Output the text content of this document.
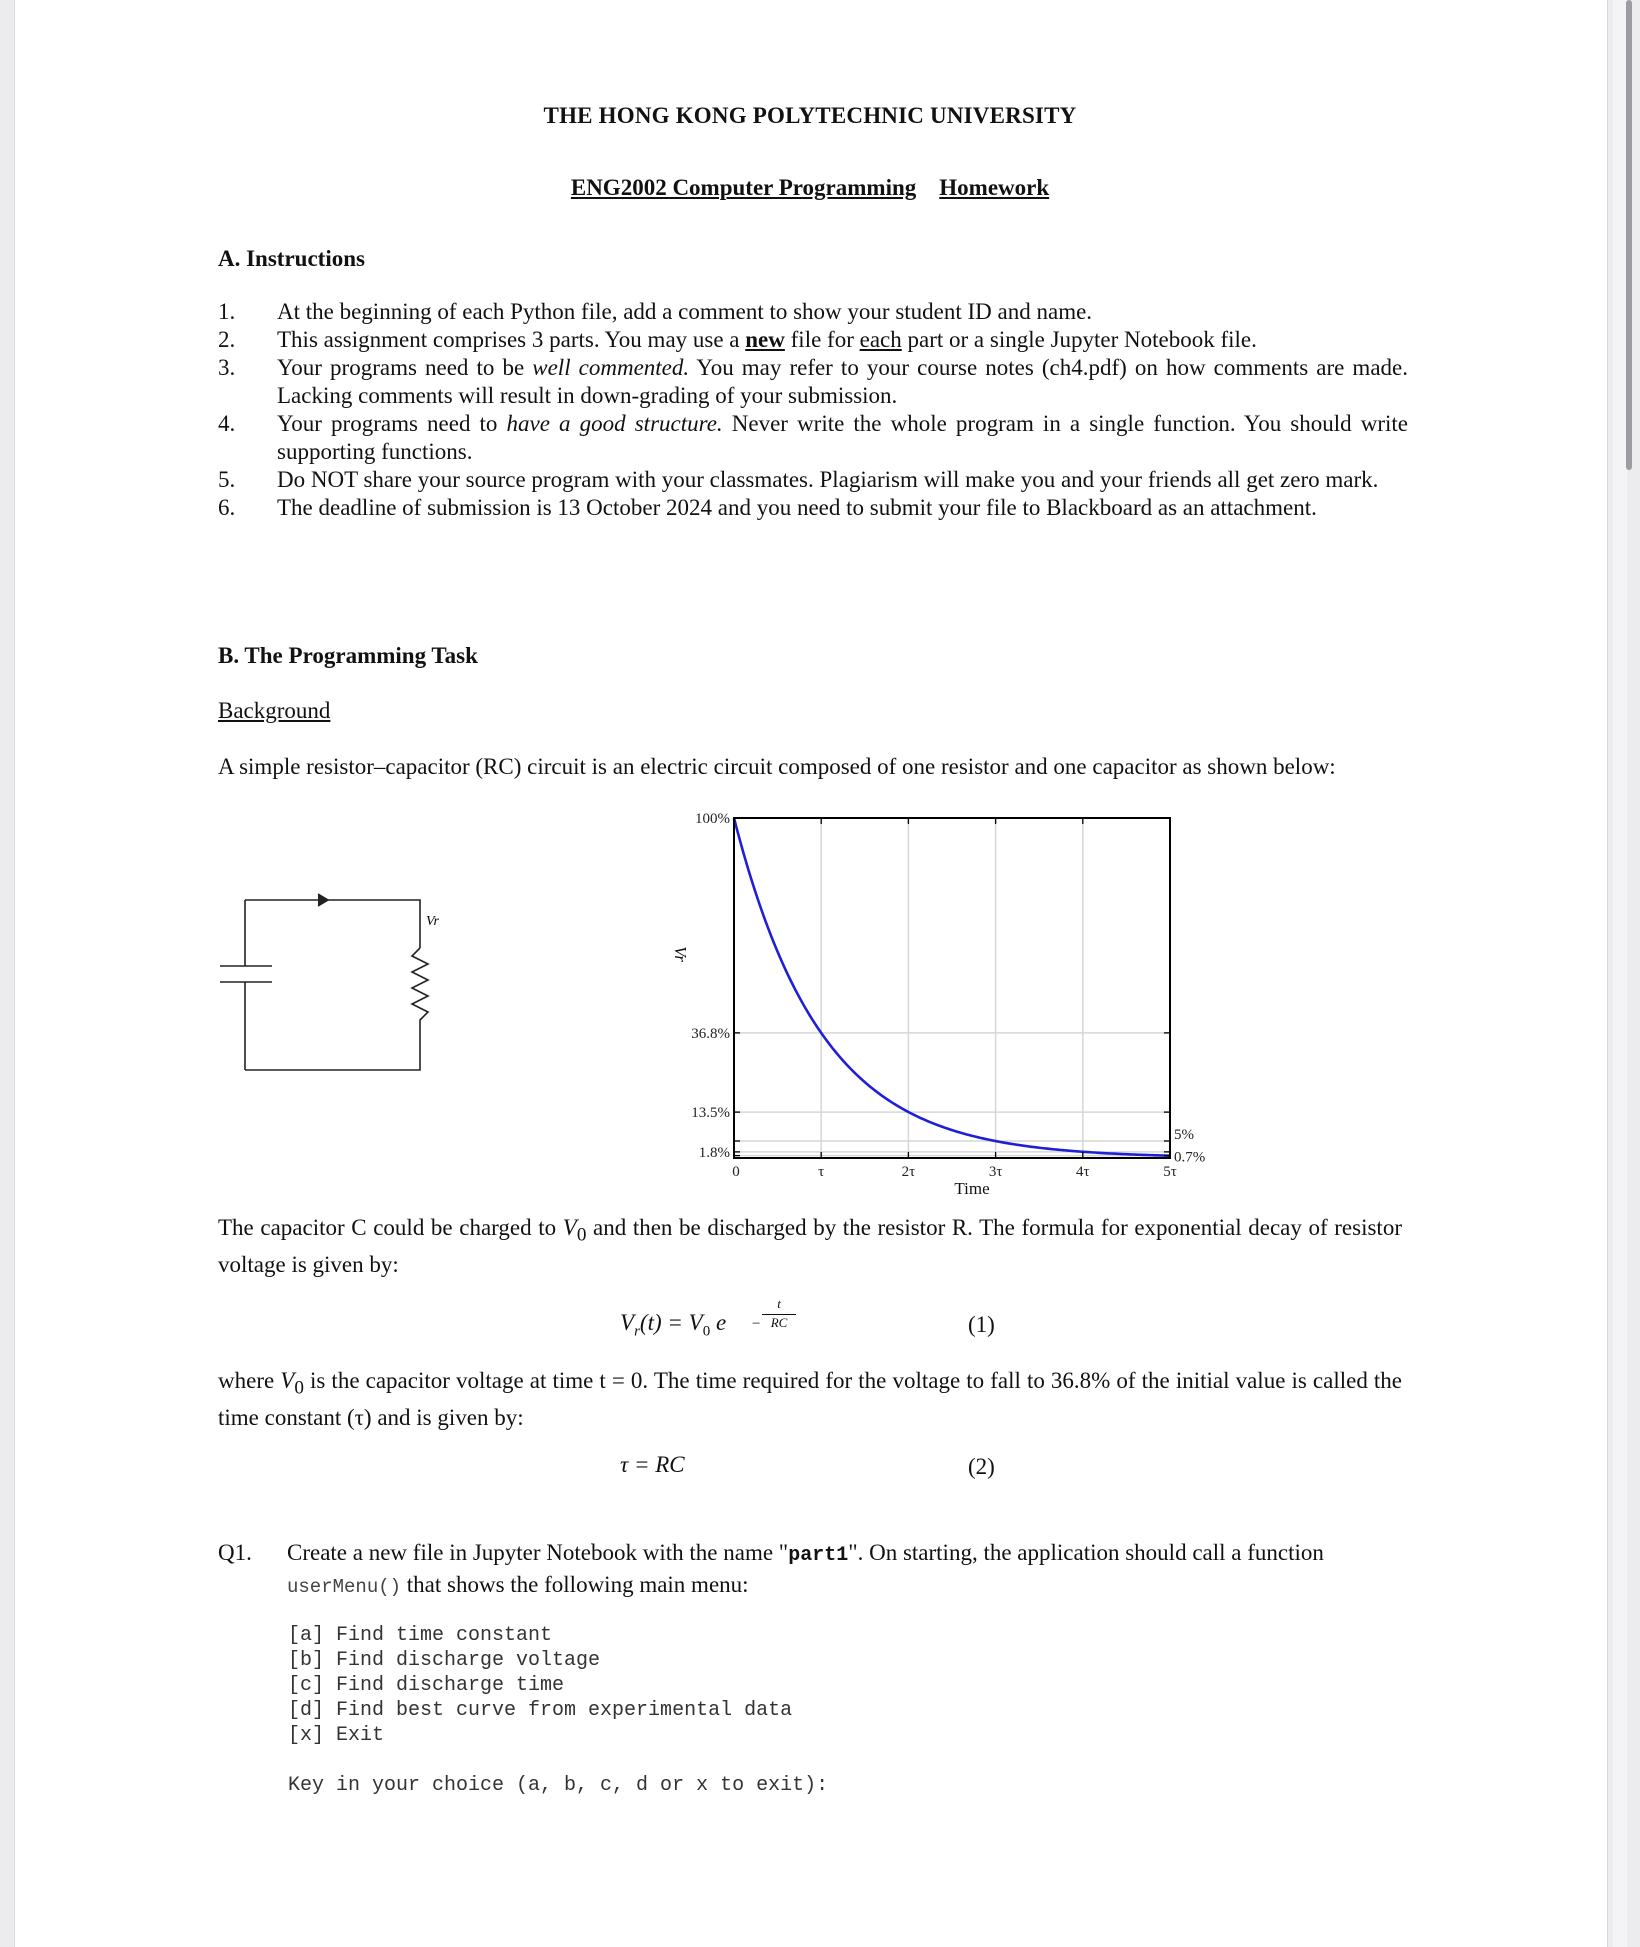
THE HONG KONG POLYTECHNIC UNIVERSITY
ENG2002 Computer Programming Homework
A. Instructions
1. At the beginning of each Python file, add a comment to show your student ID and name.
2. This assignment comprises 3 parts. You may use a new file for each part or a single Jupyter Notebook file.
3. Your programs need to be well commented. You may refer to your course notes (ch4.pdf) on how comments are made. Lacking comments will result in down-grading of your submission.
4. Your programs need to have a good structure. Never write the whole program in a single function. You should write supporting functions.
5. Do NOT share your source program with your classmates. Plagiarism will make you and your friends all get zero mark.
6. The deadline of submission is 13 October 2024 and you need to submit your file to Blackboard as an attachment.
B. The Programming Task
Background
A simple resistor–capacitor (RC) circuit is an electric circuit composed of one resistor and one capacitor as shown below:
Vr
0	τ	2τ	3τ	4τ	5τ
100%
36.8%
13.5%
1.8%
5%
0.7%
Time
Vr
The capacitor C could be charged to $V_0$ and then be discharged by the resistor R. The formula for exponential decay of resistor voltage is given by:
$V_r(t) = V_0$ e −
t
RC	(1)
where $V_0$ is the capacitor voltage at time t = 0. The time required for the voltage to fall to 36.8% of the initial value is called the time constant (τ) and is given by:
τ = RC	(2)
Q1. Create a new file in Jupyter Notebook with the name "part1". On starting, the application should call a function
userMenu() that shows the following main menu:
[a] Find time constant
[b] Find discharge voltage
[c] Find discharge time
[d] Find best curve from experimental data
[x] Exit
Key in your choice (a, b, c, d or x to exit):
